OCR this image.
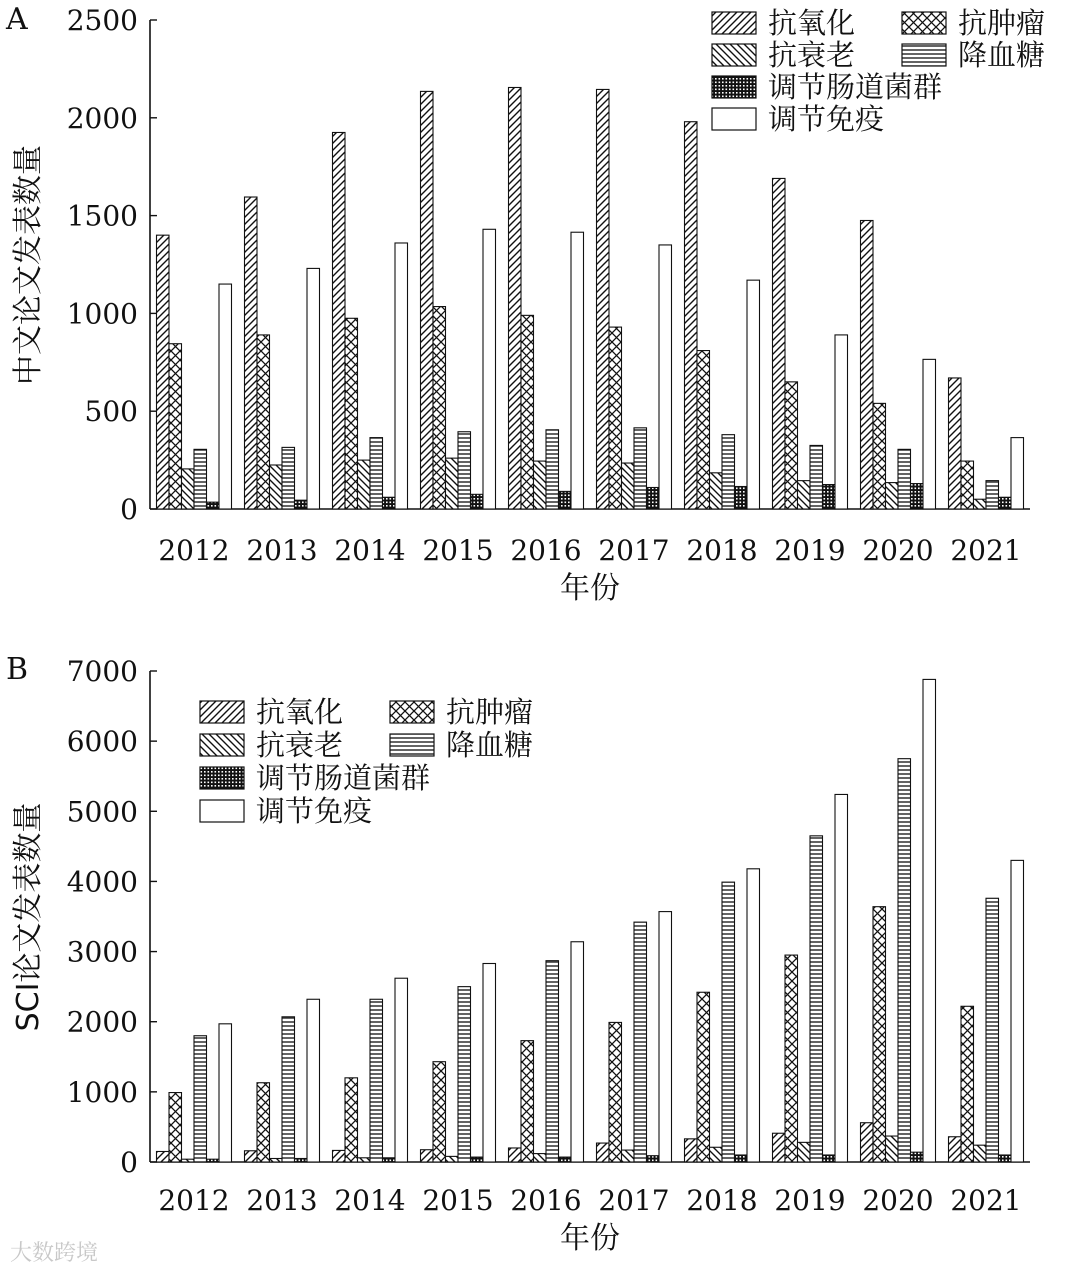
0
500
1000
1500
2000
2500
2012 2013 2014 2015 2016 2017 2018 2019 2020 2021
年份
中文论文发表数量
抗氧化	抗肿瘤
抗衰老	降血糖
调节肠道菌群
调节免疫
0
1000
2000
3000
4000
5000
6000
7000
2012 2013 2014 2015 2016 2017 2018 2019 2020 2021
年份
SCI论文发表数量
抗氧化	抗肿瘤
抗衰老	降血糖
调节肠道菌群
调节免疫
A
B
大数跨境
